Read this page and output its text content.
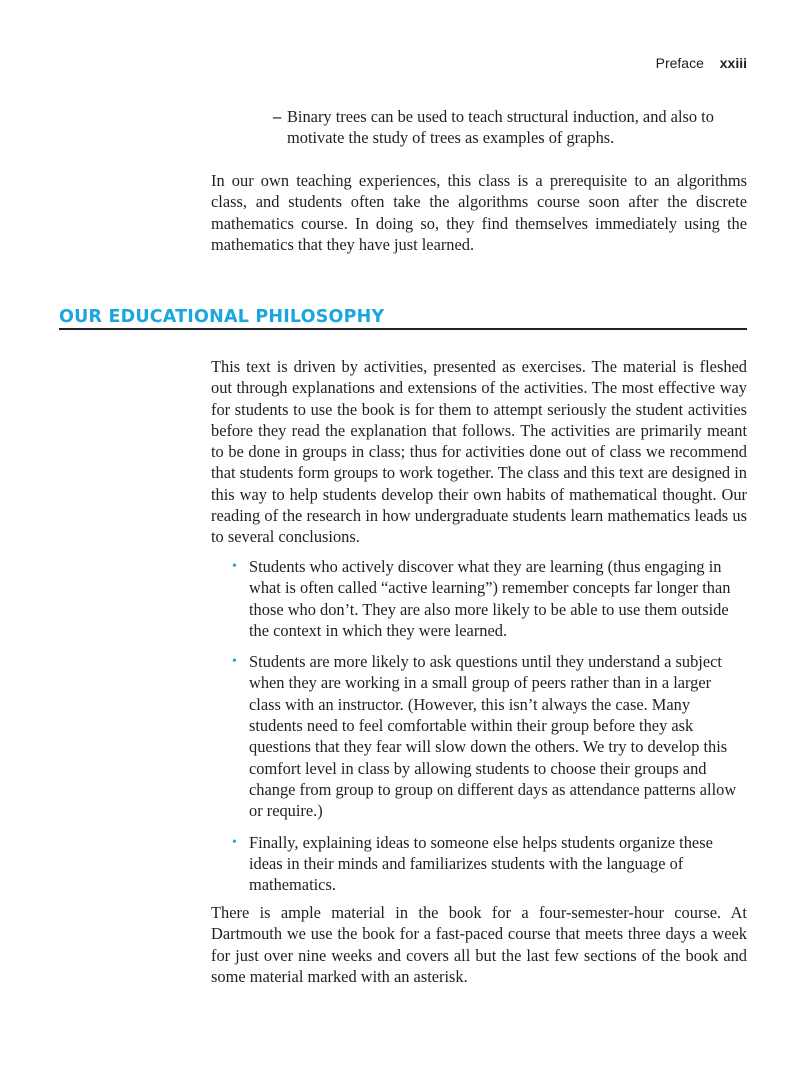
Preface xxiii
– Binary trees can be used to teach structural induction, and also to motivate the study of trees as examples of graphs.

In our own teaching experiences, this class is a prerequisite to an algorithms class, and students often take the algorithms course soon after the discrete mathematics course. In doing so, they find themselves immediately using the mathematics that they have just learned.

OUR EDUCATIONAL PHILOSOPHY

This text is driven by activities, presented as exercises. The material is fleshed out through explanations and extensions of the activities. The most effective way for students to use the book is for them to attempt seriously the student activities before they read the explanation that follows. The activities are primarily meant to be done in groups in class; thus for activities done out of class we recommend that students form groups to work together. The class and this text are designed in this way to help students develop their own habits of mathematical thought. Our reading of the research in how undergraduate students learn mathematics leads us to several conclusions.

• Students who actively discover what they are learning (thus engaging in what is often called “active learning”) remember concepts far longer than those who don’t. They are also more likely to be able to use them outside the context in which they were learned.
• Students are more likely to ask questions until they understand a subject when they are working in a small group of peers rather than in a larger class with an instructor. (However, this isn’t always the case. Many students need to feel comfortable within their group before they ask questions that they fear will slow down the others. We try to develop this comfort level in class by allowing students to choose their groups and change from group to group on different days as attendance patterns allow or require.)
• Finally, explaining ideas to someone else helps students organize these ideas in their minds and familiarizes students with the language of mathematics.

There is ample material in the book for a four-semester-hour course. At Dartmouth we use the book for a fast-paced course that meets three days a week for just over nine weeks and covers all but the last few sections of the book and some material marked with an asterisk.
